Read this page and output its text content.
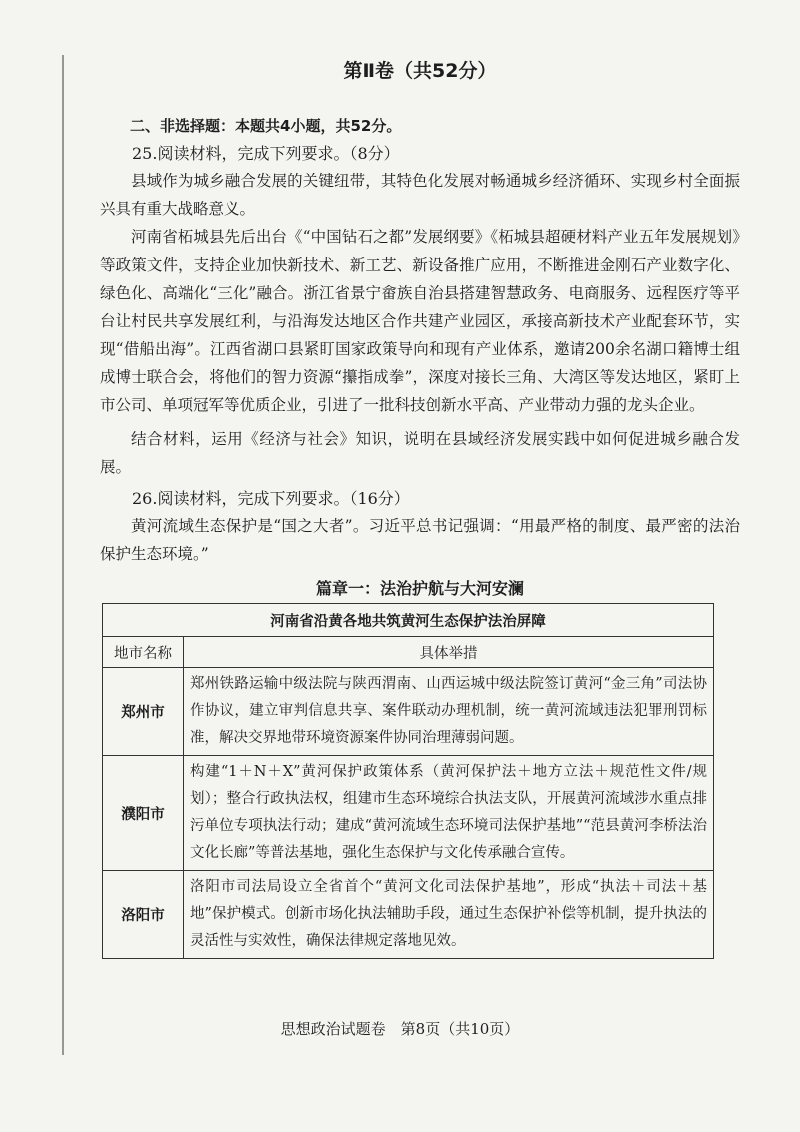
第Ⅱ卷（共52分）

二、非选择题：本题共4小题，共52分。

25.阅读材料，完成下列要求。（8分）

县域作为城乡融合发展的关键纽带，其特色化发展对畅通城乡经济循环、实现乡村全面振兴具有重大战略意义。

河南省柘城县先后出台《“中国钻石之都”发展纲要》《柘城县超硬材料产业五年发展规划》等政策文件，支持企业加快新技术、新工艺、新设备推广应用，不断推进金刚石产业数字化、绿色化、高端化“三化”融合。浙江省景宁畲族自治县搭建智慧政务、电商服务、远程医疗等平台让村民共享发展红利，与沿海发达地区合作共建产业园区，承接高新技术产业配套环节，实现“借船出海”。江西省湖口县紧盯国家政策导向和现有产业体系，邀请200余名湖口籍博士组成博士联合会，将他们的智力资源“攥指成拳”，深度对接长三角、大湾区等发达地区，紧盯上市公司、单项冠军等优质企业，引进了一批科技创新水平高、产业带动力强的龙头企业。

结合材料，运用《经济与社会》知识，说明在县域经济发展实践中如何促进城乡融合发展。

26.阅读材料，完成下列要求。（16分）

黄河流域生态保护是“国之大者”。习近平总书记强调：“用最严格的制度、最严密的法治保护生态环境。”

篇章一：法治护航与大河安澜
河南省沿黄各地共筑黄河生态保护法治屏障	
地市名称	具体举措
郑州市	郑州铁路运输中级法院与陕西渭南、山西运城中级法院签订黄河“金三角”司法协作协议，建立审判信息共享、案件联动办理机制，统一黄河流域违法犯罪刑罚标准，解决交界地带环境资源案件协同治理薄弱问题。
濮阳市	构建“1＋N＋X”黄河保护政策体系（黄河保护法＋地方立法＋规范性文件/规划）；整合行政执法权，组建市生态环境综合执法支队，开展黄河流域涉水重点排污单位专项执法行动；建成“黄河流域生态环境司法保护基地”“范县黄河李桥法治文化长廊”等普法基地，强化生态保护与文化传承融合宣传。
洛阳市	洛阳市司法局设立全省首个“黄河文化司法保护基地”，形成“执法＋司法＋基地”保护模式。创新市场化执法辅助手段，通过生态保护补偿等机制，提升执法的灵活性与实效性，确保法律规定落地见效。
思想政治试题卷　第8页（共10页）
